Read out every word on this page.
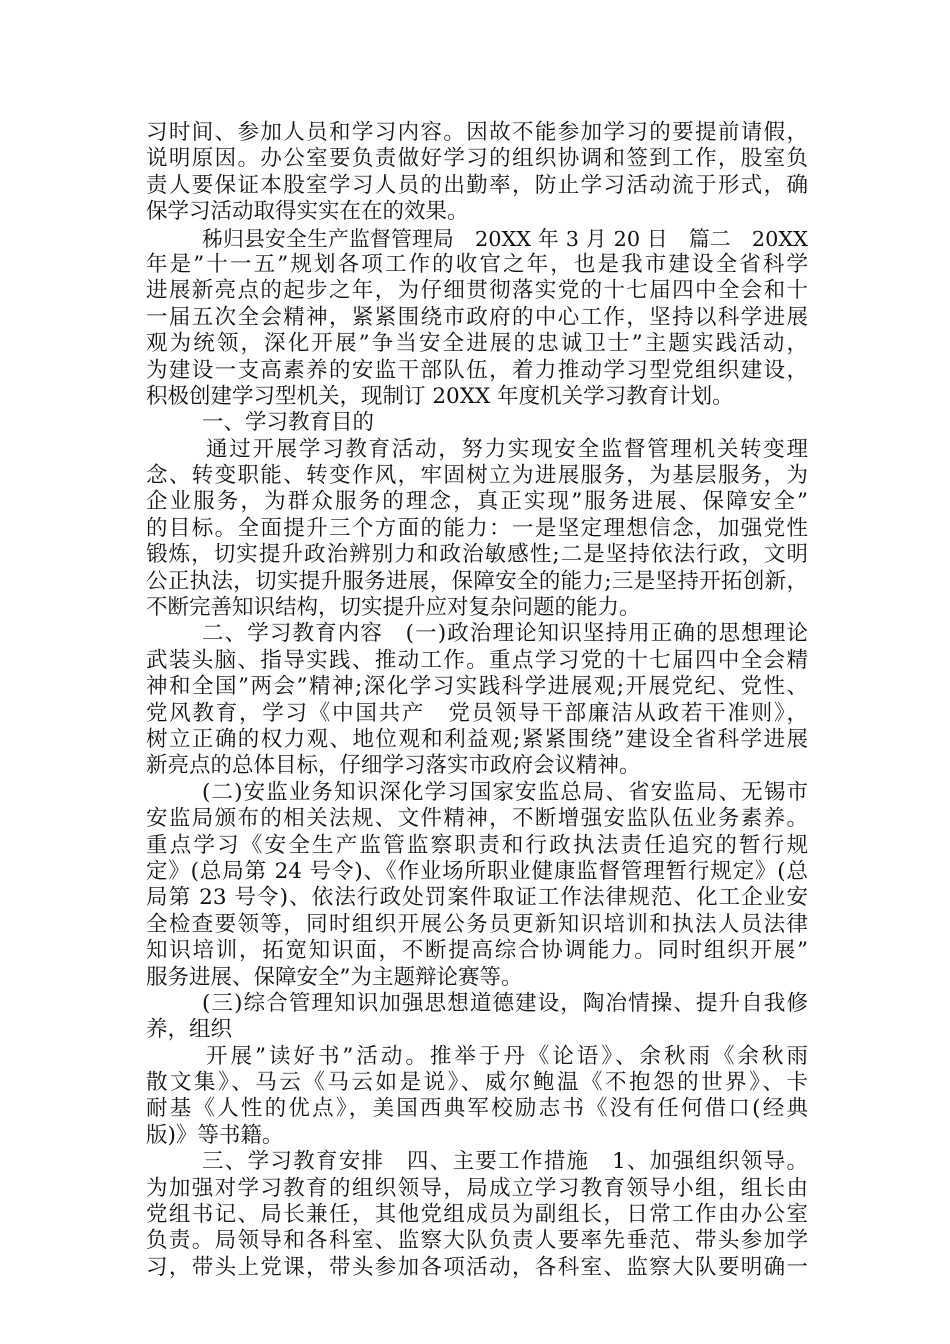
习时间、参加人员和学习内容。因故不能参加学习的要提前请假，
说明原因。办公室要负责做好学习的组织协调和签到工作，股室负
责人要保证本股室学习人员的出勤率，防止学习活动流于形式，确
保学习活动取得实实在在的效果。
秭归县安全生产监督管理局　20XX 年 3 月 20 日　篇二　20XX
年是”十一五”规划各项工作的收官之年，也是我市建设全省科学
进展新亮点的起步之年，为仔细贯彻落实党的十七届四中全会和十
一届五次全会精神，紧紧围绕市政府的中心工作，坚持以科学进展
观为统领，深化开展”争当安全进展的忠诚卫士”主题实践活动，
为建设一支高素养的安监干部队伍，着力推动学习型党组织建设，
积极创建学习型机关，现制订 20XX 年度机关学习教育计划。
一、学习教育目的
通过开展学习教育活动，努力实现安全监督管理机关转变理
念、转变职能、转变作风，牢固树立为进展服务，为基层服务，为
企业服务，为群众服务的理念，真正实现”服务进展、保障安全”
的目标。全面提升三个方面的能力：一是坚定理想信念，加强党性
锻炼，切实提升政治辨别力和政治敏感性;二是坚持依法行政，文明
公正执法，切实提升服务进展，保障安全的能力;三是坚持开拓创新，
不断完善知识结构，切实提升应对复杂问题的能力。
二、学习教育内容　(一)政治理论知识坚持用正确的思想理论
武装头脑、指导实践、推动工作。重点学习党的十七届四中全会精
神和全国”两会”精神;深化学习实践科学进展观;开展党纪、党性、
党风教育，学习《中国共产　党员领导干部廉洁从政若干准则》，
树立正确的权力观、地位观和利益观;紧紧围绕”建设全省科学进展
新亮点的总体目标，仔细学习落实市政府会议精神。
(二)安监业务知识深化学习国家安监总局、省安监局、无锡市
安监局颁布的相关法规、文件精神，不断增强安监队伍业务素养。
重点学习《安全生产监管监察职责和行政执法责任追究的暂行规
定》(总局第 24 号令)、《作业场所职业健康监督管理暂行规定》(总
局第 23 号令)、依法行政处罚案件取证工作法律规范、化工企业安
全检查要领等，同时组织开展公务员更新知识培训和执法人员法律
知识培训，拓宽知识面，不断提高综合协调能力。同时组织开展”
服务进展、保障安全”为主题辩论赛等。
(三)综合管理知识加强思想道德建设，陶冶情操、提升自我修
养，组织
开展”读好书”活动。推举于丹《论语》、余秋雨《余秋雨
散文集》、马云《马云如是说》、威尔鲍温《不抱怨的世界》、卡
耐基《人性的优点》，美国西典军校励志书《没有任何借口(经典
版)》等书籍。
三、学习教育安排　四、主要工作措施　1、加强组织领导。
为加强对学习教育的组织领导，局成立学习教育领导小组，组长由
党组书记、局长兼任，其他党组成员为副组长，日常工作由办公室
负责。局领导和各科室、监察大队负责人要率先垂范、带头参加学
习，带头上党课，带头参加各项活动，各科室、监察大队要明确一
